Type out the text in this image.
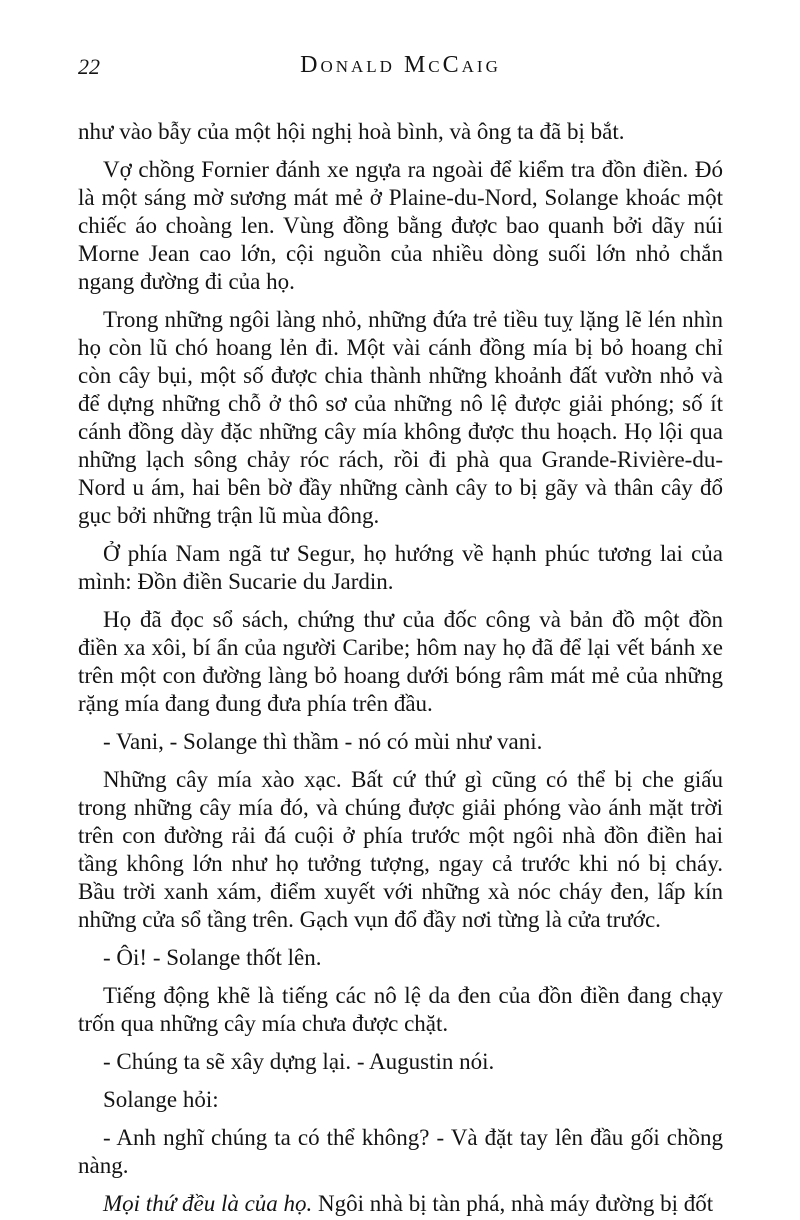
22	Donald McCaig

như vào bẫy của một hội nghị hoà bình, và ông ta đã bị bắt.

Vợ chồng Fornier đánh xe ngựa ra ngoài để kiểm tra đồn điền. Đó là một sáng mờ sương mát mẻ ở Plaine-du-Nord, Solange khoác một chiếc áo choàng len. Vùng đồng bằng được bao quanh bởi dãy núi Morne Jean cao lớn, cội nguồn của nhiều dòng suối lớn nhỏ chắn ngang đường đi của họ.

Trong những ngôi làng nhỏ, những đứa trẻ tiều tuỵ lặng lẽ lén nhìn họ còn lũ chó hoang lẻn đi. Một vài cánh đồng mía bị bỏ hoang chỉ còn cây bụi, một số được chia thành những khoảnh đất vườn nhỏ và để dựng những chỗ ở thô sơ của những nô lệ được giải phóng; số ít cánh đồng dày đặc những cây mía không được thu hoạch. Họ lội qua những lạch sông chảy róc rách, rồi đi phà qua Grande-Rivière-du-Nord u ám, hai bên bờ đầy những cành cây to bị gãy và thân cây đổ gục bởi những trận lũ mùa đông.

Ở phía Nam ngã tư Segur, họ hướng về hạnh phúc tương lai của mình: Đồn điền Sucarie du Jardin.

Họ đã đọc sổ sách, chứng thư của đốc công và bản đồ một đồn điền xa xôi, bí ẩn của người Caribe; hôm nay họ đã để lại vết bánh xe trên một con đường làng bỏ hoang dưới bóng râm mát mẻ của những rặng mía đang đung đưa phía trên đầu.

- Vani, - Solange thì thầm - nó có mùi như vani.

Những cây mía xào xạc. Bất cứ thứ gì cũng có thể bị che giấu trong những cây mía đó, và chúng được giải phóng vào ánh mặt trời trên con đường rải đá cuội ở phía trước một ngôi nhà đồn điền hai tầng không lớn như họ tưởng tượng, ngay cả trước khi nó bị cháy. Bầu trời xanh xám, điểm xuyết với những xà nóc cháy đen, lấp kín những cửa sổ tầng trên. Gạch vụn đổ đầy nơi từng là cửa trước.

- Ôi! - Solange thốt lên.

Tiếng động khẽ là tiếng các nô lệ da đen của đồn điền đang chạy trốn qua những cây mía chưa được chặt.

- Chúng ta sẽ xây dựng lại. - Augustin nói.

Solange hỏi:

- Anh nghĩ chúng ta có thể không? - Và đặt tay lên đầu gối chồng nàng.

Mọi thứ đều là của họ. Ngôi nhà bị tàn phá, nhà máy đường bị đốt
